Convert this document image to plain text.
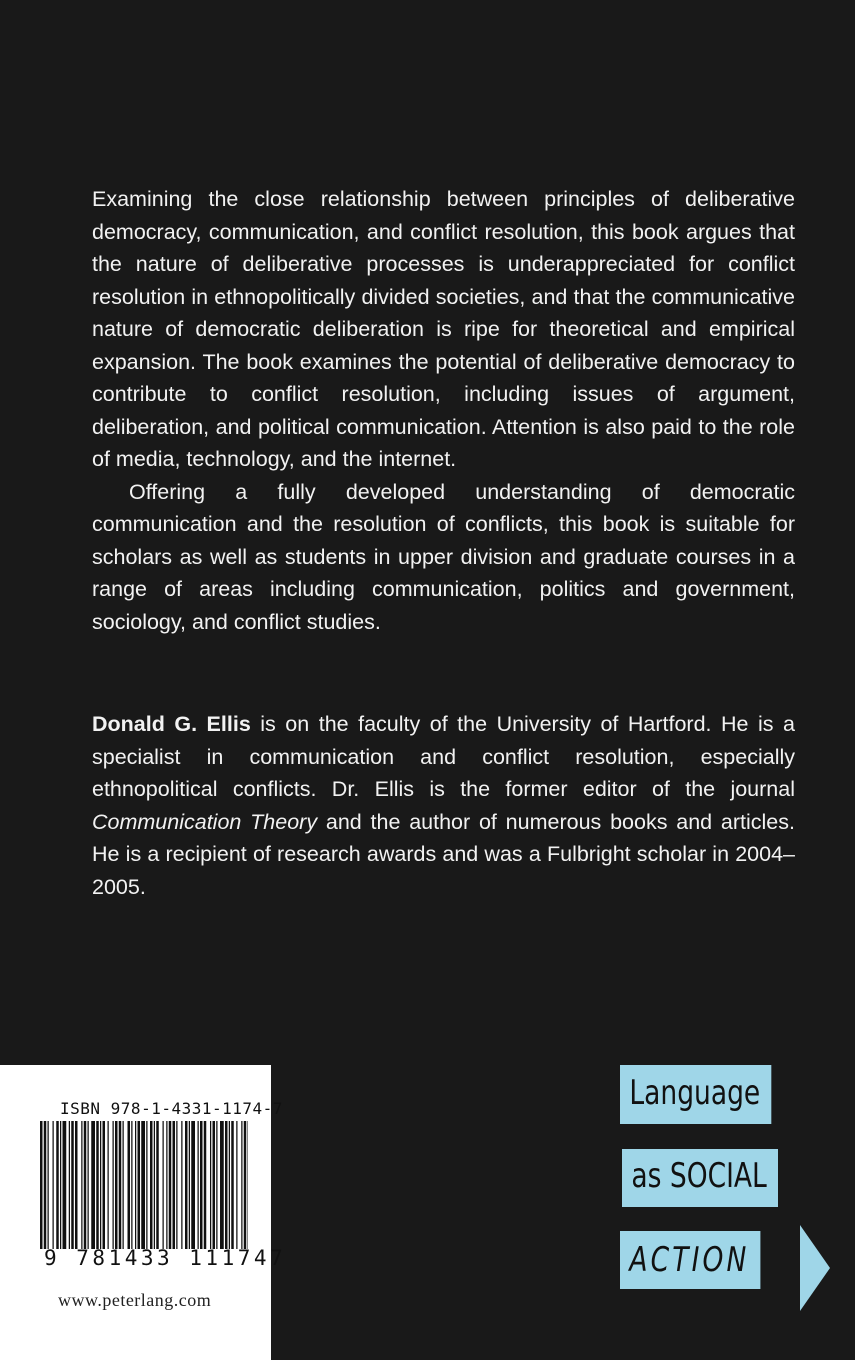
Examining the close relationship between principles of deliberative democracy, communication, and conflict resolution, this book argues that the nature of deliberative processes is underappreciated for conflict resolution in ethnopolitically divided societies, and that the communicative nature of democratic deliberation is ripe for theoretical and empirical expansion. The book examines the potential of deliberative democracy to contribute to conflict resolution, including issues of argument, deliberation, and political communication. Attention is also paid to the role of media, technology, and the internet.

Offering a fully developed understanding of democratic communication and the resolution of conflicts, this book is suitable for scholars as well as students in upper division and graduate courses in a range of areas including communication, politics and government, sociology, and conflict studies.

Donald G. Ellis is on the faculty of the University of Hartford. He is a specialist in communication and conflict resolution, especially ethnopolitical conflicts. Dr. Ellis is the former editor of the journal Communication Theory and the author of numerous books and articles. He is a recipient of research awards and was a Fulbright scholar in 2004–2005.

ISBN 978-1-4331-1174-7
9 781433 111747
www.peterlang.com
Language
as SOCIAL
ACTION
